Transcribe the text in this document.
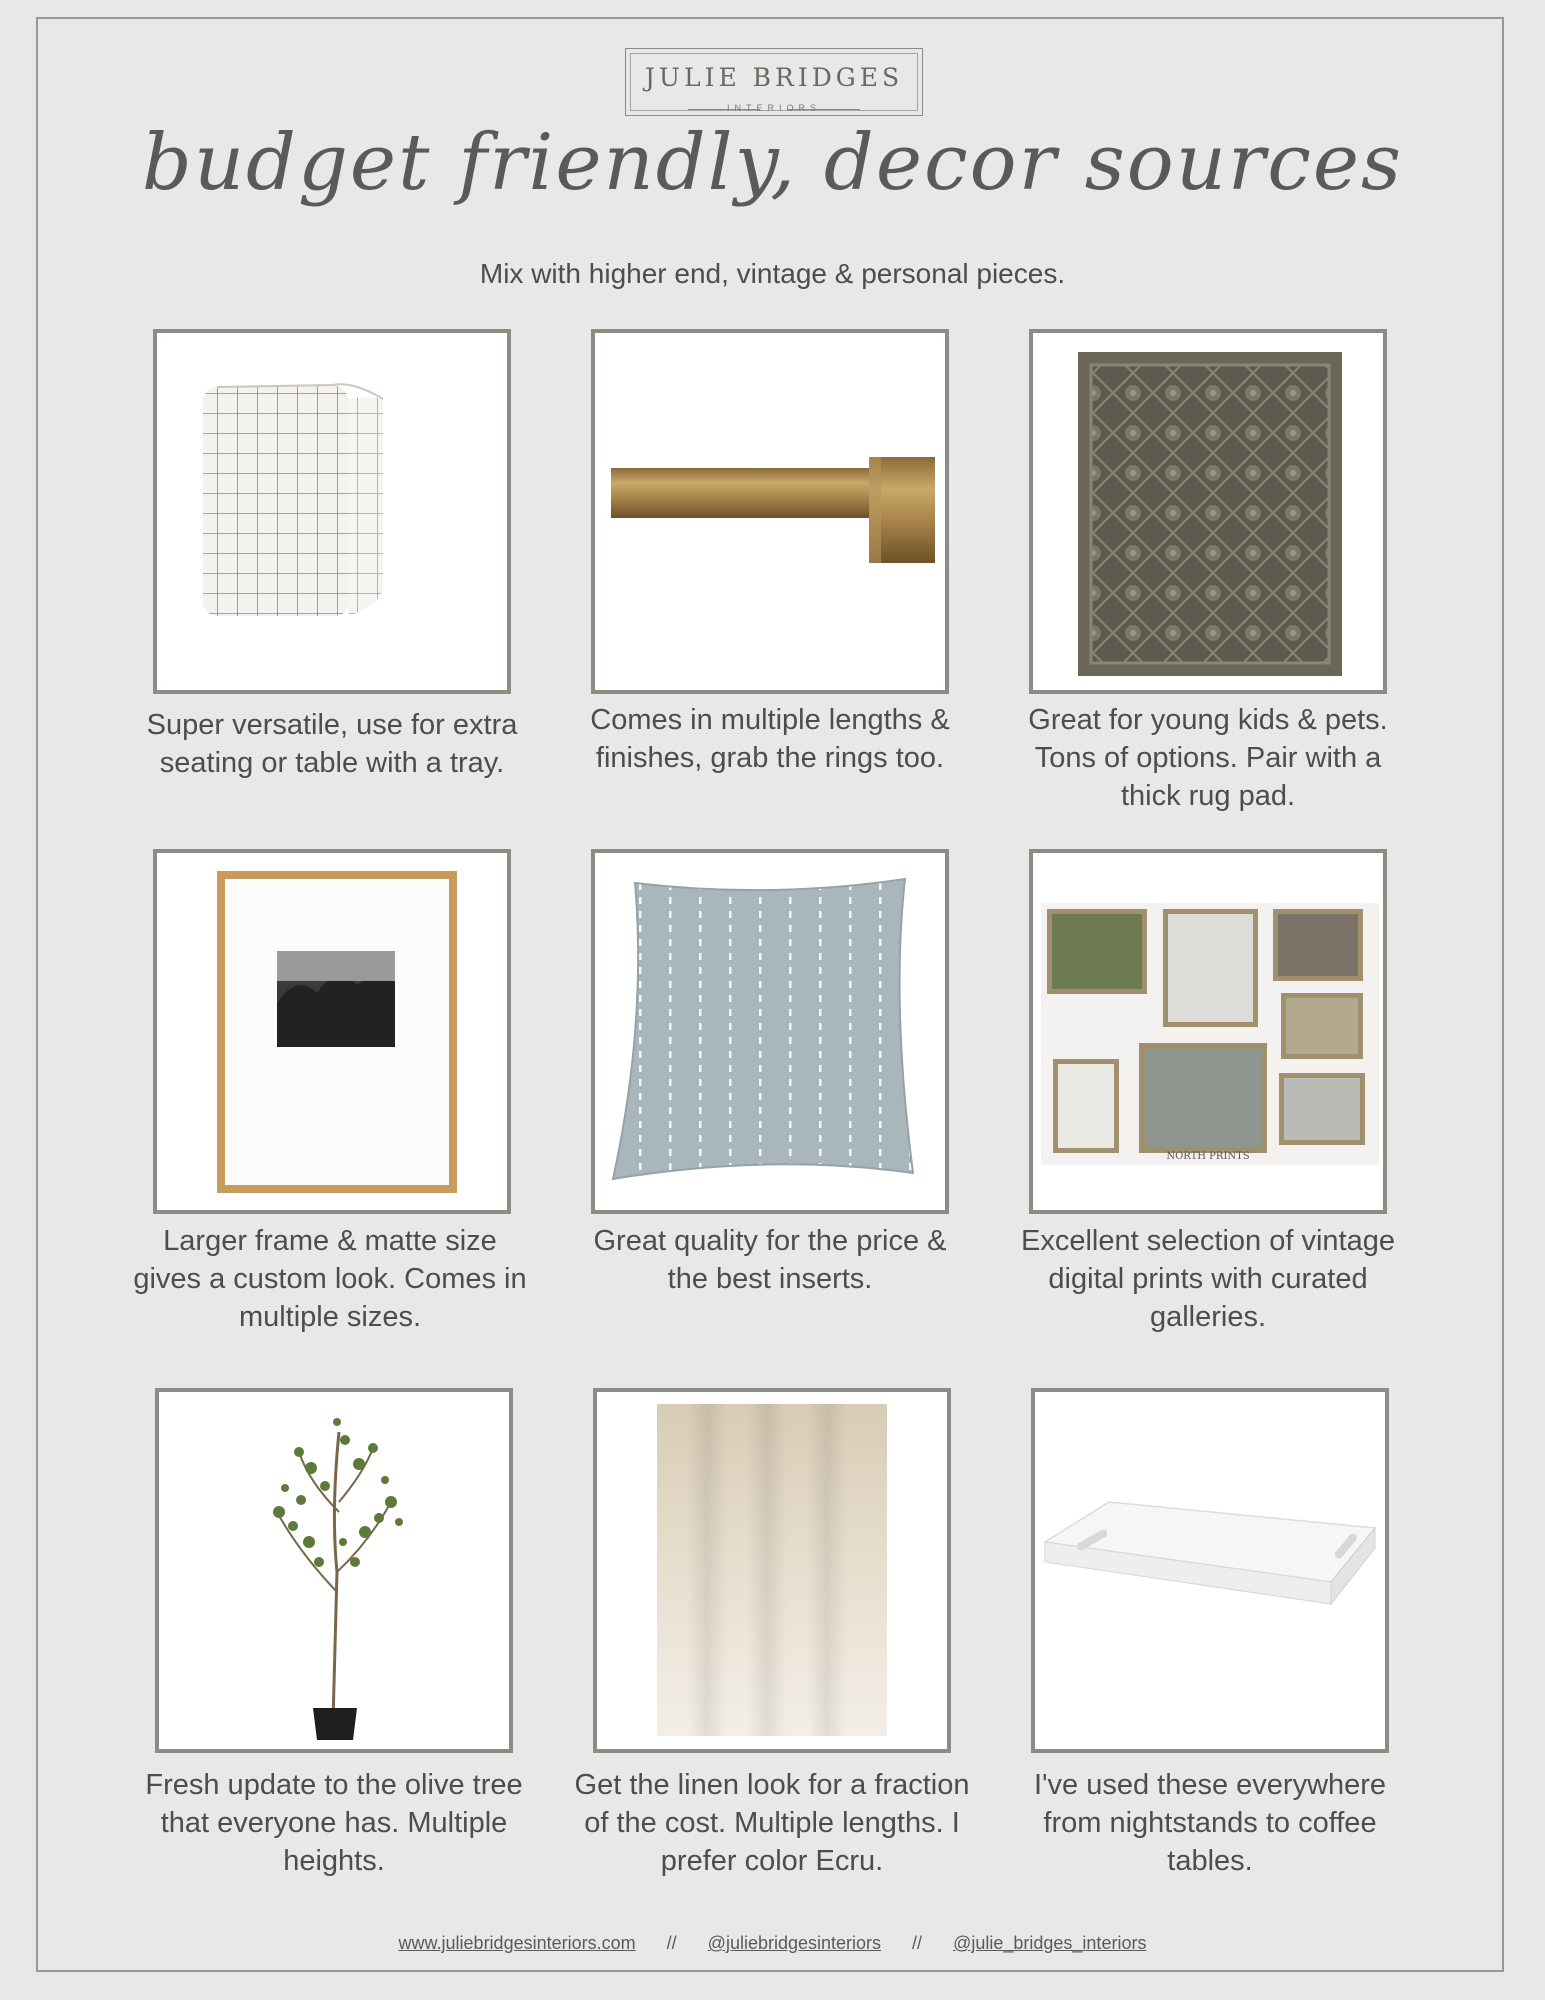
JULIE BRIDGES
INTERIORS
budget friendly, decor sources
Mix with higher end, vintage & personal pieces.
Super versatile, use for extra seating or table with a tray.
Comes in multiple lengths & finishes, grab the rings too.
Great for young kids & pets. Tons of options. Pair with a thick rug pad.
Larger frame & matte size gives a custom look. Comes in multiple sizes.
Great quality for the price & the best inserts.
NORTH PRINTS
Excellent selection of vintage digital prints with curated galleries.
Fresh update to the olive tree that everyone has. Multiple heights.
Get the linen look for a fraction of the cost. Multiple lengths. I prefer color Ecru.
I've used these everywhere from nightstands to coffee tables.
www.juliebridgesinteriors.com // @juliebridgesinteriors // @julie_bridges_interiors
